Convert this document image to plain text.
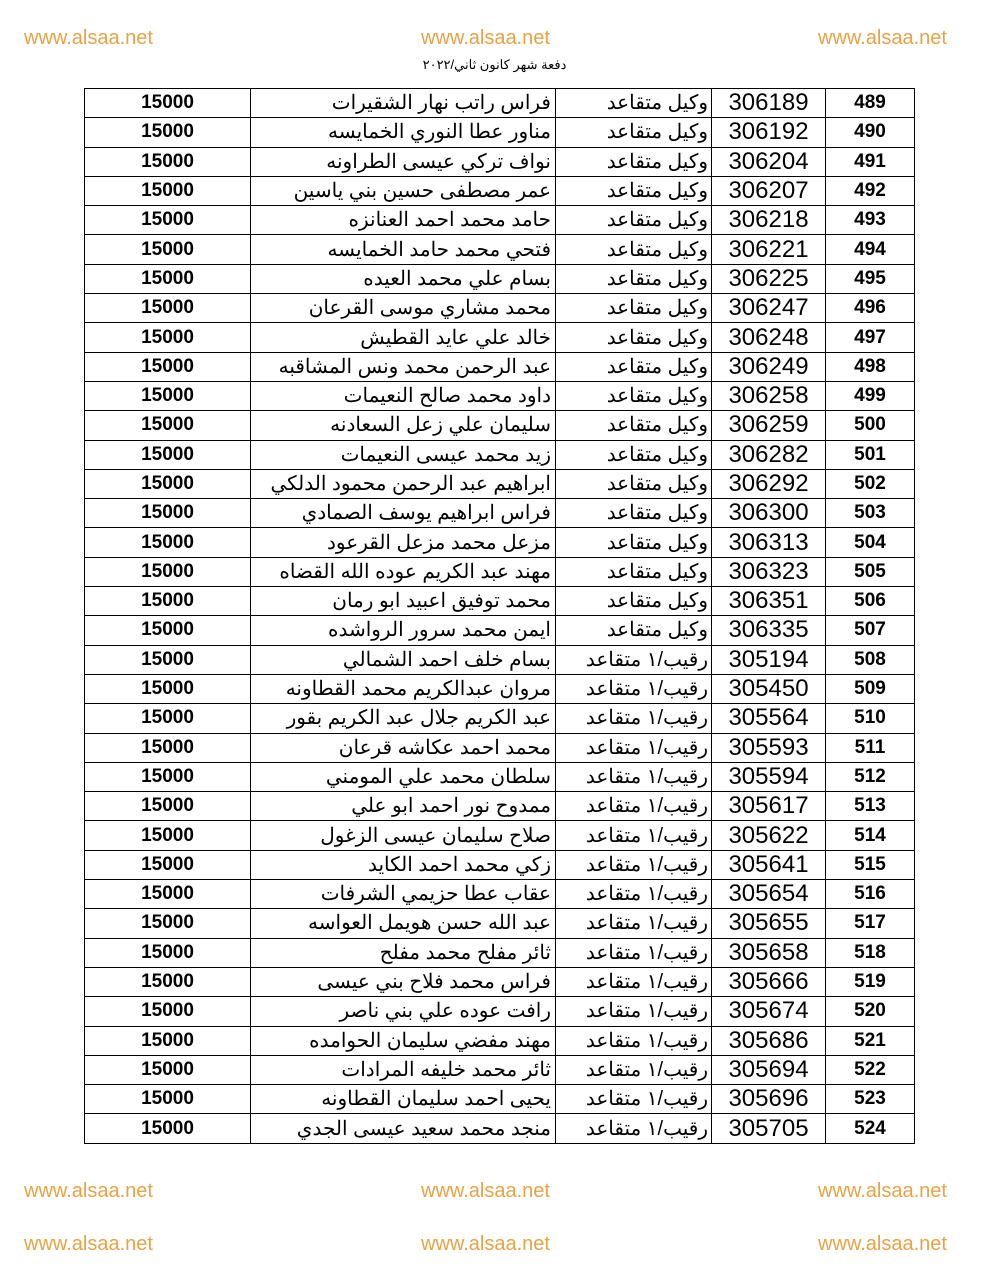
www.alsaa.net	www.alsaa.net	www.alsaa.net
www.alsaa.net	www.alsaa.net	www.alsaa.net
www.alsaa.net	www.alsaa.net	www.alsaa.net
دفعة شهر كانون ثاني/٢٠٢٢
15000	فراس راتب نهار الشقيرات	وكيل متقاعد	306189	489
15000	مناور عطا النوري الخمايسه	وكيل متقاعد	306192	490
15000	نواف تركي عيسى الطراونه	وكيل متقاعد	306204	491
15000	عمر مصطفى حسين بني ياسين	وكيل متقاعد	306207	492
15000	حامد محمد احمد العنانزه	وكيل متقاعد	306218	493
15000	فتحي محمد حامد الخمايسه	وكيل متقاعد	306221	494
15000	بسام علي محمد العيده	وكيل متقاعد	306225	495
15000	محمد مشاري موسى القرعان	وكيل متقاعد	306247	496
15000	خالد علي عايد القطيش	وكيل متقاعد	306248	497
15000	عبد الرحمن محمد ونس المشاقبه	وكيل متقاعد	306249	498
15000	داود محمد صالح النعيمات	وكيل متقاعد	306258	499
15000	سليمان علي زعل السعادنه	وكيل متقاعد	306259	500
15000	زيد محمد عيسى النعيمات	وكيل متقاعد	306282	501
15000	ابراهيم عبد الرحمن محمود الدلكي	وكيل متقاعد	306292	502
15000	فراس ابراهيم يوسف الصمادي	وكيل متقاعد	306300	503
15000	مزعل محمد مزعل القرعود	وكيل متقاعد	306313	504
15000	مهند عبد الكريم عوده الله القضاه	وكيل متقاعد	306323	505
15000	محمد توفيق اعبيد ابو رمان	وكيل متقاعد	306351	506
15000	ايمن محمد سرور الرواشده	وكيل متقاعد	306335	507
15000	بسام خلف احمد الشمالي	رقيب/١ متقاعد	305194	508
15000	مروان عبدالكريم محمد القطاونه	رقيب/١ متقاعد	305450	509
15000	عبد الكريم جلال عبد الكريم بقور	رقيب/١ متقاعد	305564	510
15000	محمد احمد عكاشه قرعان	رقيب/١ متقاعد	305593	511
15000	سلطان محمد علي المومني	رقيب/١ متقاعد	305594	512
15000	ممدوح نور احمد ابو علي	رقيب/١ متقاعد	305617	513
15000	صلاح سليمان عيسى الزغول	رقيب/١ متقاعد	305622	514
15000	زكي محمد احمد الكايد	رقيب/١ متقاعد	305641	515
15000	عقاب عطا حزيمي الشرفات	رقيب/١ متقاعد	305654	516
15000	عبد الله حسن هويمل العواسه	رقيب/١ متقاعد	305655	517
15000	ثائر مفلح محمد مفلح	رقيب/١ متقاعد	305658	518
15000	فراس محمد فلاح بني عيسى	رقيب/١ متقاعد	305666	519
15000	رافت عوده علي بني ناصر	رقيب/١ متقاعد	305674	520
15000	مهند مفضي سليمان الحوامده	رقيب/١ متقاعد	305686	521
15000	ثائر محمد خليفه المرادات	رقيب/١ متقاعد	305694	522
15000	يحيى احمد سليمان القطاونه	رقيب/١ متقاعد	305696	523
15000	منجد محمد سعيد عيسى الجدي	رقيب/١ متقاعد	305705	524
